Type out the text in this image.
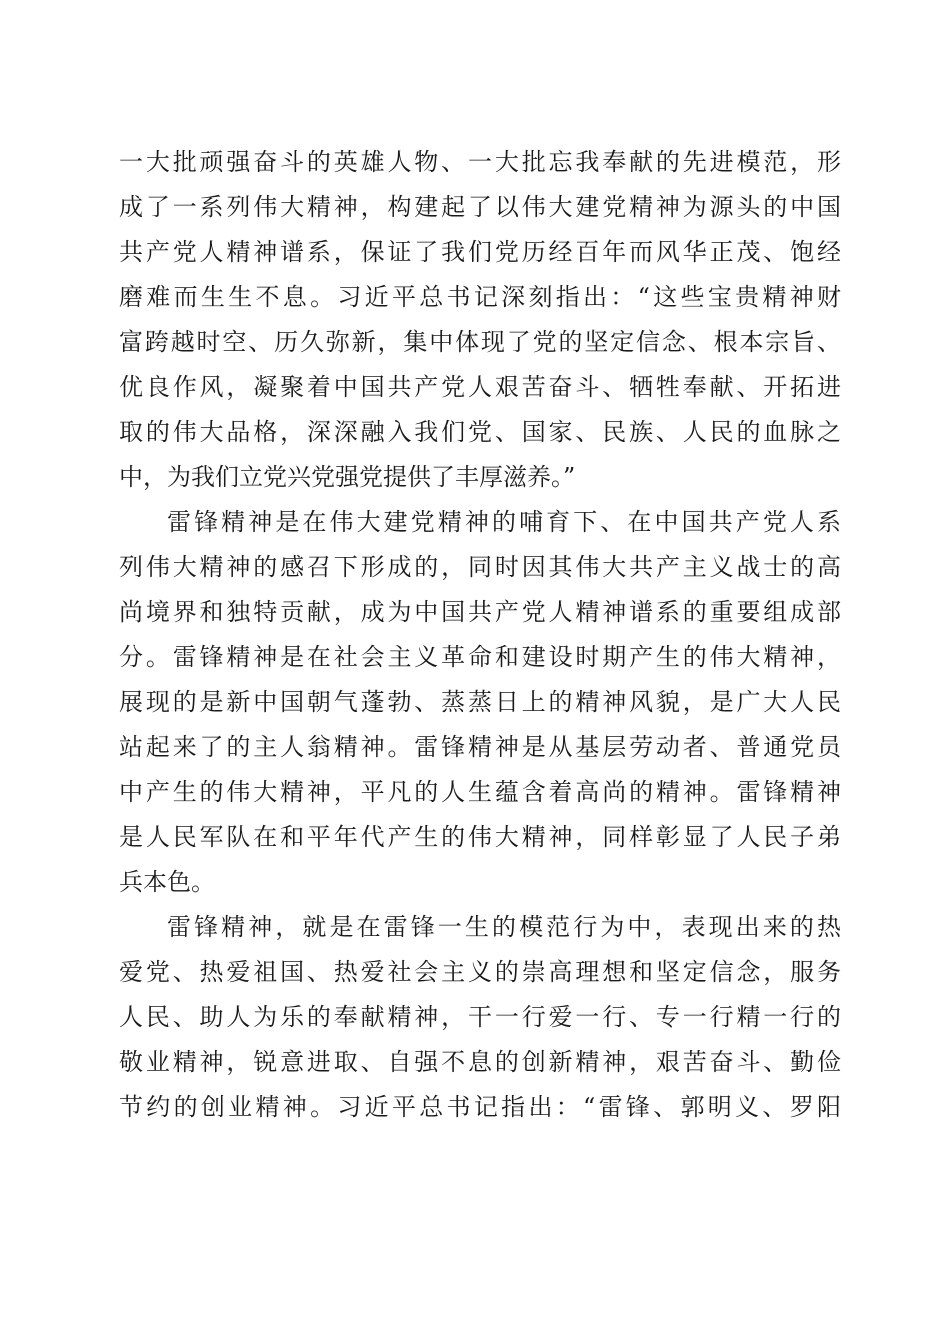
一大批顽强奋斗的英雄人物、一大批忘我奉献的先进模范，形
成了一系列伟大精神，构建起了以伟大建党精神为源头的中国
共产党人精神谱系，保证了我们党历经百年而风华正茂、饱经
磨难而生生不息。习近平总书记深刻指出：“这些宝贵精神财
富跨越时空、历久弥新，集中体现了党的坚定信念、根本宗旨、
优良作风，凝聚着中国共产党人艰苦奋斗、牺牲奉献、开拓进
取的伟大品格，深深融入我们党、国家、民族、人民的血脉之
中，为我们立党兴党强党提供了丰厚滋养。”
雷锋精神是在伟大建党精神的哺育下、在中国共产党人系
列伟大精神的感召下形成的，同时因其伟大共产主义战士的高
尚境界和独特贡献，成为中国共产党人精神谱系的重要组成部
分。雷锋精神是在社会主义革命和建设时期产生的伟大精神，
展现的是新中国朝气蓬勃、蒸蒸日上的精神风貌，是广大人民
站起来了的主人翁精神。雷锋精神是从基层劳动者、普通党员
中产生的伟大精神，平凡的人生蕴含着高尚的精神。雷锋精神
是人民军队在和平年代产生的伟大精神，同样彰显了人民子弟
兵本色。
雷锋精神，就是在雷锋一生的模范行为中，表现出来的热
爱党、热爱祖国、热爱社会主义的崇高理想和坚定信念，服务
人民、助人为乐的奉献精神，干一行爱一行、专一行精一行的
敬业精神，锐意进取、自强不息的创新精神，艰苦奋斗、勤俭
节约的创业精神。习近平总书记指出：“雷锋、郭明义、罗阳
